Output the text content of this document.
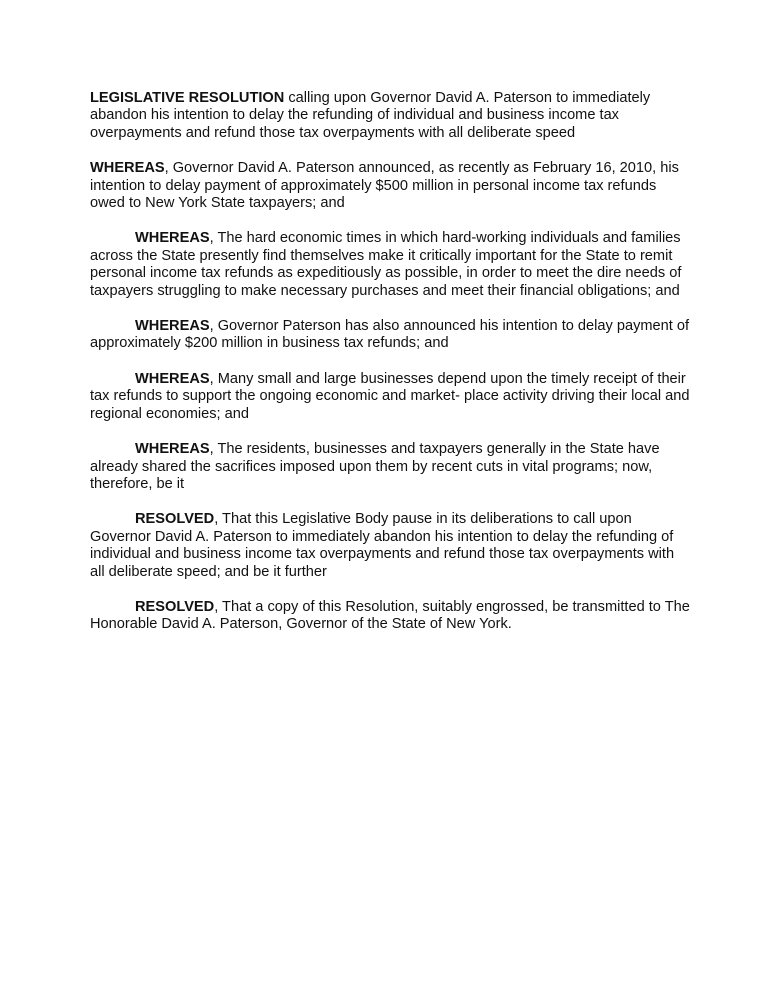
LEGISLATIVE RESOLUTION calling upon Governor David A. Paterson to immediately abandon his intention to delay the refunding of individual and business income tax overpayments and refund those tax overpayments with all deliberate speed

WHEREAS, Governor David A. Paterson announced, as recently as February 16, 2010, his intention to delay payment of approximately $500 million in personal income tax refunds owed to New York State taxpayers; and

WHEREAS, The hard economic times in which hard-working individuals and families across the State presently find themselves make it critically important for the State to remit personal income tax refunds as expeditiously as possible, in order to meet the dire needs of taxpayers struggling to make necessary purchases and meet their financial obligations; and

WHEREAS, Governor Paterson has also announced his intention to delay payment of approximately $200 million in business tax refunds; and

WHEREAS, Many small and large businesses depend upon the timely receipt of their tax refunds to support the ongoing economic and market- place activity driving their local and regional economies; and

WHEREAS, The residents, businesses and taxpayers generally in the State have already shared the sacrifices imposed upon them by recent cuts in vital programs; now, therefore, be it

RESOLVED, That this Legislative Body pause in its deliberations to call upon Governor David A. Paterson to immediately abandon his intention to delay the refunding of individual and business income tax overpayments and refund those tax overpayments with all deliberate speed; and be it further

RESOLVED, That a copy of this Resolution, suitably engrossed, be transmitted to The Honorable David A. Paterson, Governor of the State of New York.
